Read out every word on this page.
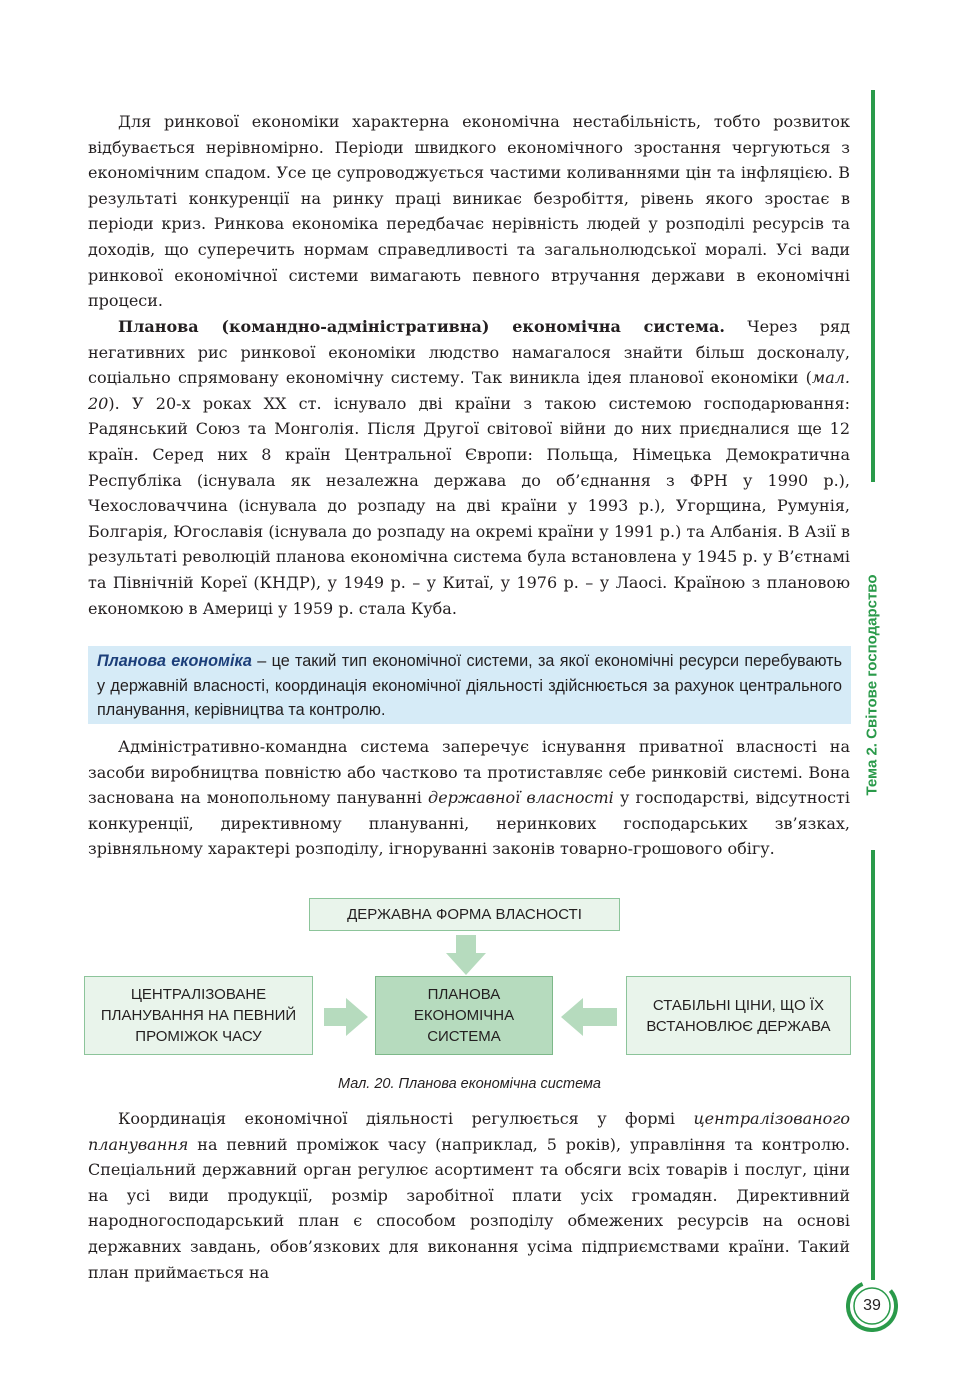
Тема 2. Світове господарство
39

Для ринкової економіки характерна економічна нестабільність, тобто розвиток відбувається нерівномірно. Періоди швидкого економічного зростання чергуються з економічним спадом. Усе це супроводжується частими коливаннями цін та інфляцією. В результаті конкуренції на ринку праці виникає безробіття, рівень якого зростає в періоди криз. Ринкова економіка передбачає нерівність людей у розподілі ресурсів та доходів, що суперечить нормам справедливості та загальнолюдської моралі. Усі вади ринкової економічної системи вимагають певного втручання держави в економічні процеси.

Планова (командно-адміністративна) економічна система. Через ряд негативних рис ринкової економіки людство намагалося знайти більш досконалу, соціально спрямовану економічну систему. Так виникла ідея планової економіки (мал. 20). У 20-х роках XX ст. існувало дві країни з такою системою господарювання: Радянський Союз та Монголія. Після Другої світової війни до них приєдналися ще 12 країн. Серед них 8 країн Центральної Європи: Польща, Німецька Демократична Республіка (існувала як незалежна держава до об’єднання з ФРН у 1990 р.), Чехословаччина (існувала до розпаду на дві країни у 1993 р.), Угорщина, Румунія, Болгарія, Югославія (існувала до розпаду на окремі країни у 1991 р.) та Албанія. В Азії в результаті революцій планова економічна система була встановлена у 1945 р. у В’єтнамі та Північній Кореї (КНДР), у 1949 р. – у Китаї, у 1976 р. – у Лаосі. Країною з плановою економкою в Америці у 1959 р. стала Куба.

Планова економіка – це такий тип економічної системи, за якої економічні ресурси перебувають у державній власності, координація економічної діяльності здійснюється за рахунок центрального планування, керівництва та контролю.

Адміністративно-командна система заперечує існування приватної власності на засоби виробництва повністю або частково та протиставляє себе ринковій системі. Вона заснована на монопольному пануванні державної власності у господарстві, відсутності конкуренції, директивному плануванні, неринкових господарських зв’язках, зрівняльному характері розподілу, ігноруванні законів товарно-грошового обігу.

ДЕРЖАВНА ФОРМА ВЛАСНОСТІ
ЦЕНТРАЛІЗОВАНЕ
ПЛАНУВАННЯ НА ПЕВНИЙ
ПРОМІЖОК ЧАСУ
ПЛАНОВА
ЕКОНОМІЧНА
СИСТЕМА
СТАБІЛЬНІ ЦІНИ, ЩО ЇХ
ВСТАНОВЛЮЄ ДЕРЖАВА
Мал. 20. Планова економічна система

Координація економічної діяльності регулюється у формі централізованого планування на певний проміжок часу (наприклад, 5 років), управління та контролю. Спеціальний державний орган регулює асортимент та обсяги всіх товарів і послуг, ціни на усі види продукції, розмір заробітної плати усіх громадян. Директивний народногосподарський план є способом розподілу обмежених ресурсів на основі державних завдань, обов’язкових для виконання усіма підприємствами країни. Такий план приймається на
